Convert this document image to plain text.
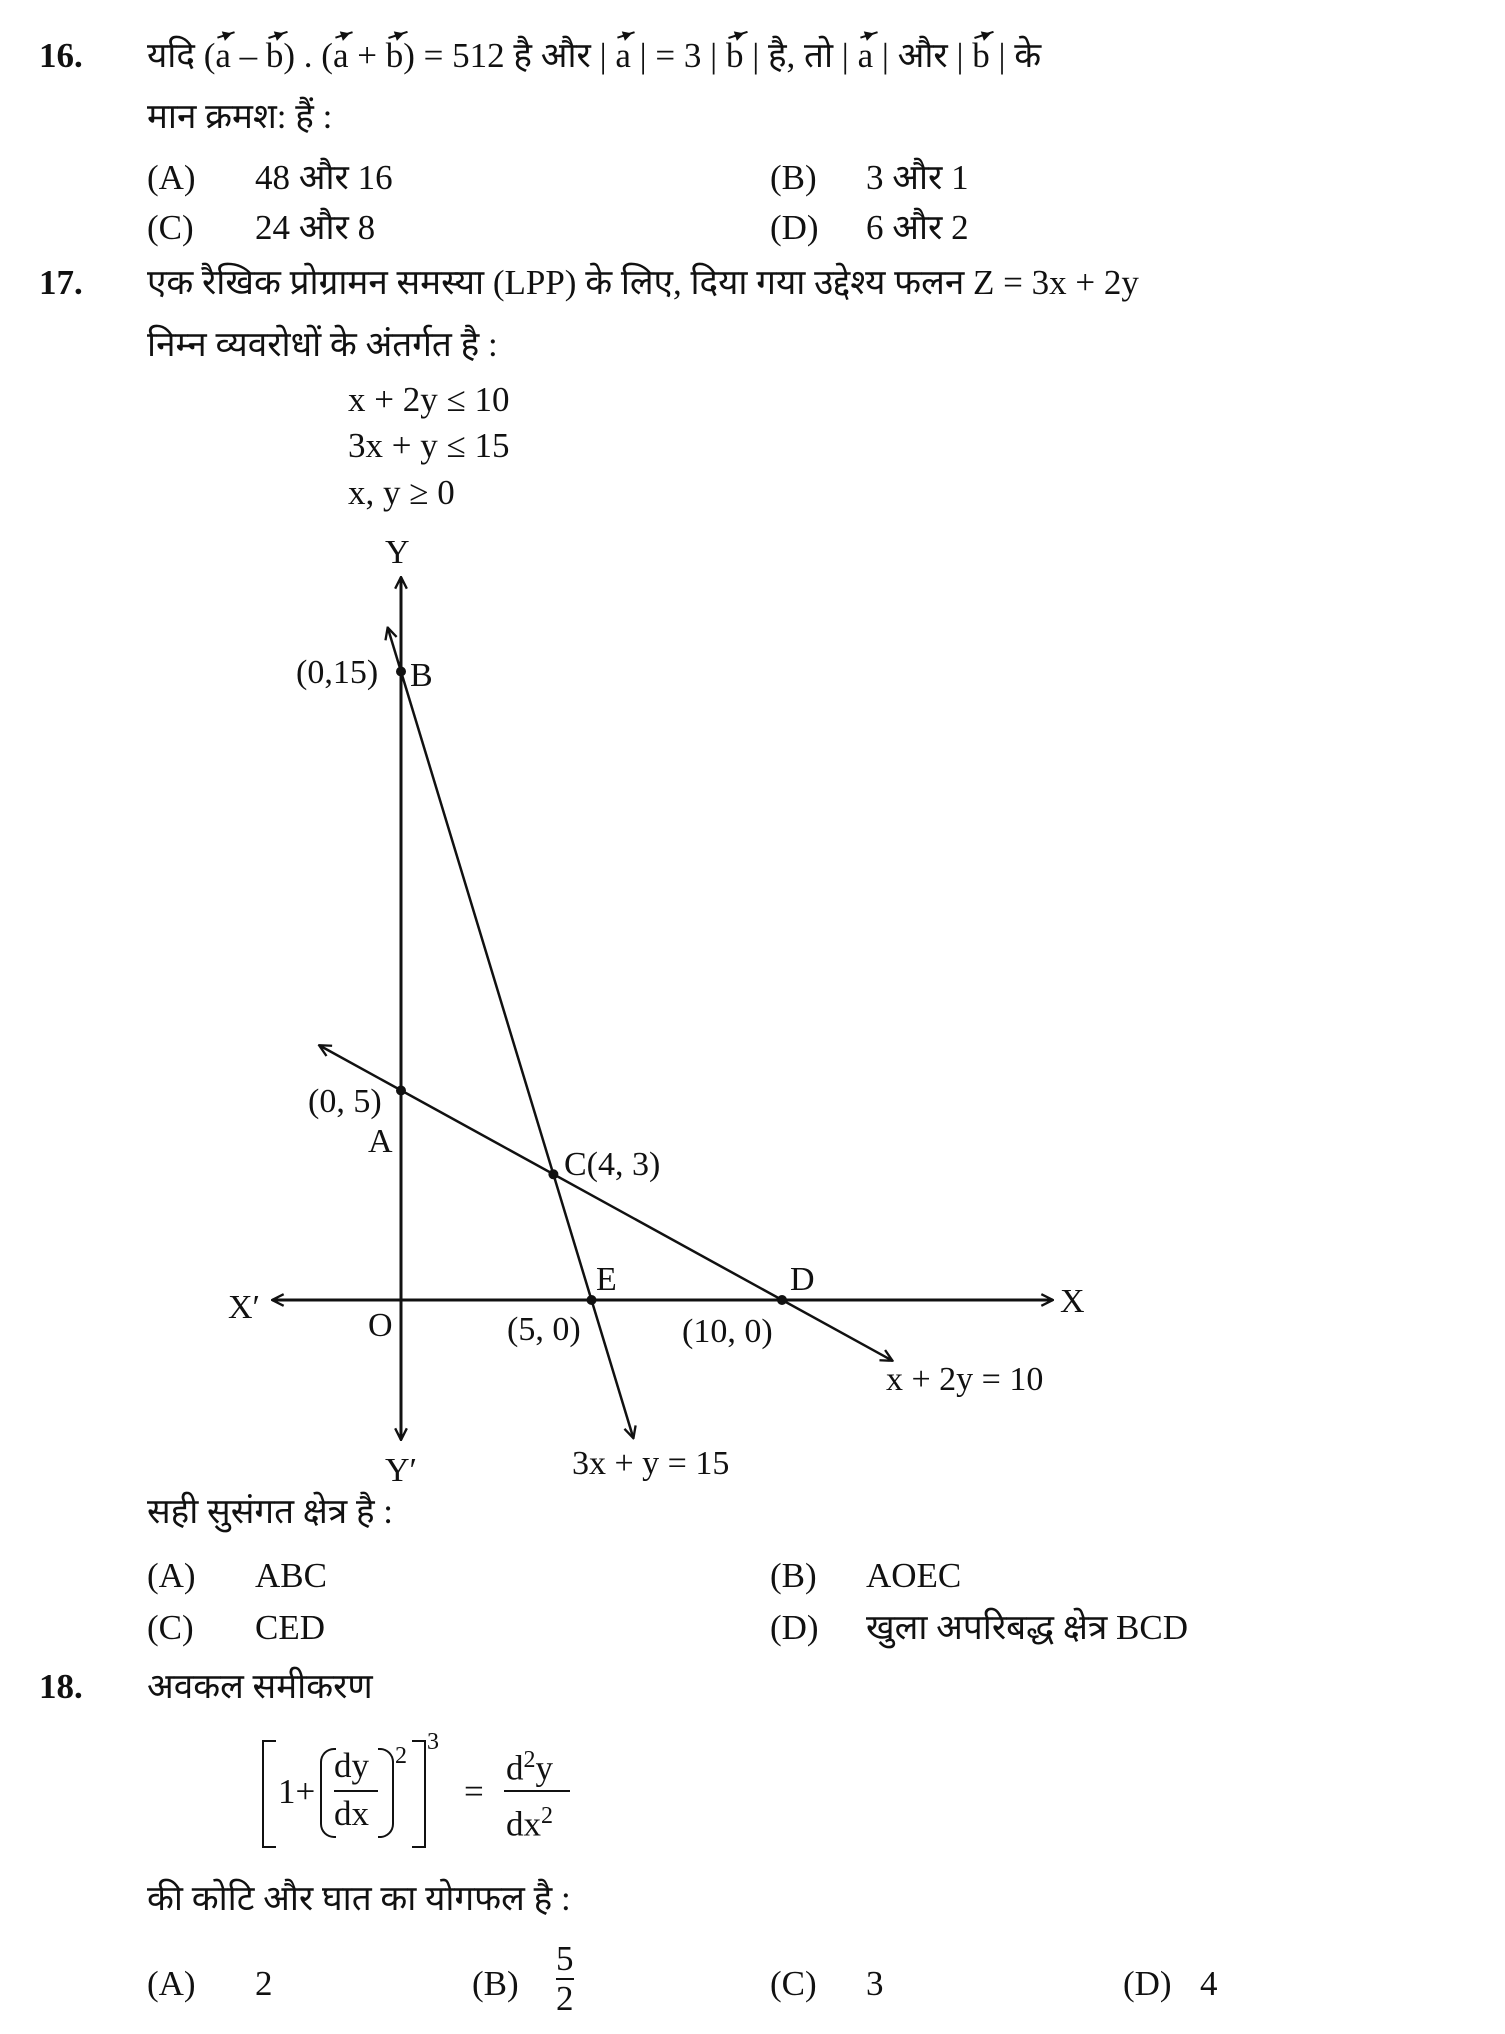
16. यदि (a – b) . (a + b) = 512 है और | a | = 3 | b | है, तो | a | और | b | के
मान क्रमश: हैं :
(A) 48 और 16	(B) 3 और 1
(C) 24 और 8	(D) 6 और 2
17. एक रैखिक प्रोग्रामन समस्या (LPP) के लिए, दिया गया उद्देश्य फलन Z = 3x + 2y
निम्न व्यवरोधों के अंतर्गत है :
x + 2y ≤ 10
3x + y ≤ 15
x, y ≥ 0
Y
Y′
X
X′	O
(0,15) B
(0, 5)
A
C(4, 3)
E
(5, 0)
D
(10, 0)
3x + y = 15
x + 2y = 10
सही सुसंगत क्षेत्र है :
(A) ABC	(B) AOEC
(C) CED	(D) खुला अपरिबद्ध क्षेत्र BCD
18. अवकल समीकरण
1+
dy
dx
2
3
=
$d^2y$
$dx^2$
की कोटि और घात का योगफल है :
(A) 2	$(B) \frac{5}{2}$	(C) 3	(D) 4
